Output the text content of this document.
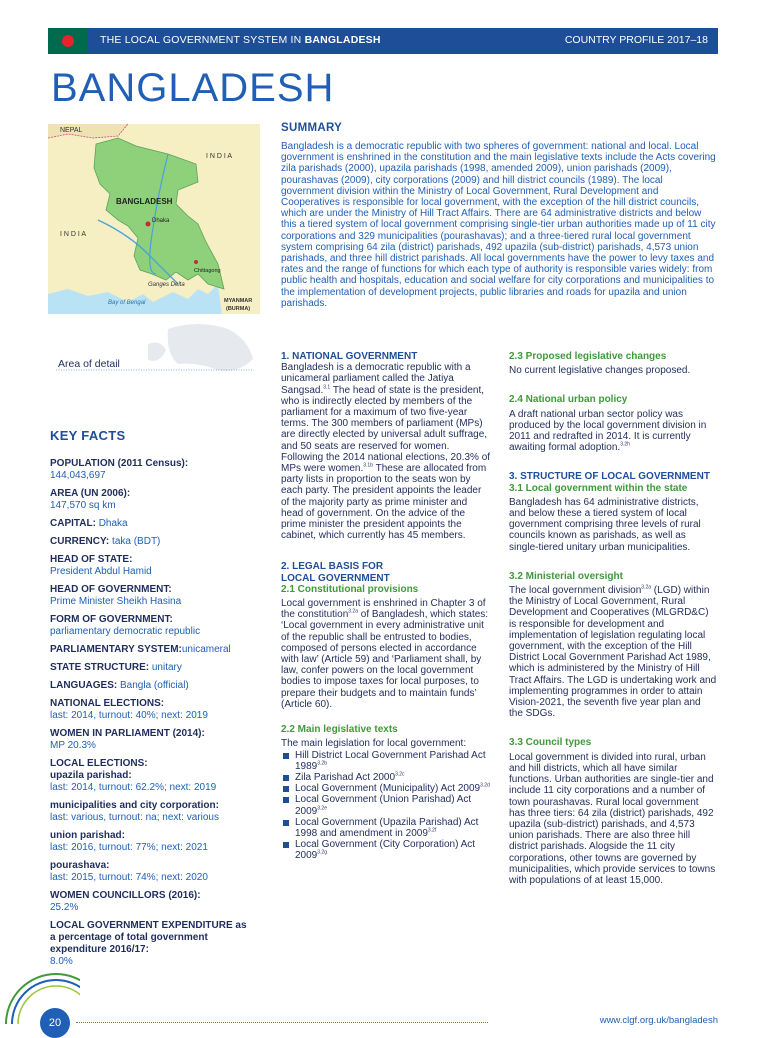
THE LOCAL GOVERNMENT SYSTEM IN BANGLADESH	COUNTRY PROFILE 2017–18
BANGLADESH
NEPAL
I N D I A
BANGLADESH
I N D I A
Dhaka
Chittagong
Ganges Delta
Bay of Bengal	MYANMAR
(BURMA)
Area of detail
KEY FACTS
POPULATION (2011 Census):
144,043,697
AREA (UN 2006):
147,570 sq km
CAPITAL: Dhaka
CURRENCY: taka (BDT)
HEAD OF STATE:
President Abdul Hamid
HEAD OF GOVERNMENT:
Prime Minister Sheikh Hasina
FORM OF GOVERNMENT:
parliamentary democratic republic
PARLIAMENTARY SYSTEM:unicameral
STATE STRUCTURE: unitary
LANGUAGES: Bangla (official)
NATIONAL ELECTIONS:
last: 2014, turnout: 40%; next: 2019
WOMEN IN PARLIAMENT (2014):
MP 20.3%
LOCAL ELECTIONS:
upazila parishad:
last: 2014, turnout: 62.2%; next: 2019
municipalities and city corporation:
last: various, turnout: na; next: various
union parishad:
last: 2016, turnout: 77%; next: 2021
pourashava:
last: 2015, turnout: 74%; next: 2020
WOMEN COUNCILLORS (2016):
25.2%
LOCAL GOVERNMENT EXPENDITURE as a percentage of total government expenditure 2016/17:
8.0%
SUMMARY
Bangladesh is a democratic republic with two spheres of government: national and local. Local government is enshrined in the constitution and the main legislative texts include the Acts covering zila parishads (2000), upazila parishads (1998, amended 2009), union parishads (2009), pourashavas (2009), city corporations (2009) and hill district councils (1989). The local government division within the Ministry of Local Government, Rural Development and Cooperatives is responsible for local government, with the exception of the hill district councils, which are under the Ministry of Hill Tract Affairs. There are 64 administrative districts and below this a tiered system of local government comprising single-tier urban authorities made up of 11 city corporations and 329 municipalities (pourashavas); and a three-tiered rural local government system comprising 64 zila (district) parishads, 492 upazila (sub-district) parishads, 4,573 union parishads, and three hill district parishads. All local governments have the power to levy taxes and rates and the range of functions for which each type of authority is responsible varies widely: from public health and hospitals, education and social welfare for city corporations and municipalities to the implementation of development projects, public libraries and roads for upazila and union parishads.
1. NATIONAL GOVERNMENT
Bangladesh is a democratic republic with a unicameral parliament called the Jatiya Sangsad.$^{3.1}$ The head of state is the president, who is indirectly elected by members of the parliament for a maximum of two five-year terms. The 300 members of parliament (MPs) are directly elected by universal adult suffrage, and 50 seats are reserved for women. Following the 2014 national elections, 20.3% of MPs were women.$^{3.1b}$ These are allocated from party lists in proportion to the seats won by each party. The president appoints the leader of the majority party as prime minister and head of government. On the advice of the prime minister the president appoints the cabinet, which currently has 45 members.
2. LEGAL BASIS FOR
LOCAL GOVERNMENT
2.1 Constitutional provisions
Local government is enshrined in Chapter 3 of the constitution$^{3.2a}$ of Bangladesh, which states: ‘Local government in every administrative unit of the republic shall be entrusted to bodies, composed of persons elected in accordance with law’ (Article 59) and ‘Parliament shall, by law, confer powers on the local government bodies to impose taxes for local purposes, to prepare their budgets and to maintain funds’ (Article 60).
2.2 Main legislative texts
The main legislation for local government:
Hill District Local Government Parishad Act $1989^{3.2b}$
Zila Parishad Act $2000^{3.2c}$
Local Government (Municipality) Act $2009^{3.2d}$
Local Government (Union Parishad) Act $2009^{3.2e}$
Local Government (Upazila Parishad) Act 1998 and amendment in $2009^{3.2f}$
Local Government (City Corporation) Act $2009^{3.2g}$
2.3 Proposed legislative changes
No current legislative changes proposed.
2.4 National urban policy
A draft national urban sector policy was produced by the local government division in 2011 and redrafted in 2014. It is currently awaiting formal adoption.$^{3.2h}$
3. STRUCTURE OF LOCAL GOVERNMENT
3.1 Local government within the state
Bangladesh has 64 administrative districts, and below these a tiered system of local government comprising three levels of rural councils known as parishads, as well as single-tiered unitary urban municipalities.
3.2 Ministerial oversight
The local government division$^{3.2a}$ (LGD) within the Ministry of Local Government, Rural Development and Cooperatives (MLGRD&C) is responsible for development and implementation of legislation regulating local government, with the exception of the Hill District Local Government Parishad Act 1989, which is administered by the Ministry of Hill Tract Affairs. The LGD is undertaking work and implementing programmes in order to attain Vision-2021, the seventh five year plan and the SDGs.
3.3 Council types
Local government is divided into rural, urban and hill districts, which all have similar functions. Urban authorities are single-tier and include 11 city corporations and a number of town pourashavas. Rural local government has three tiers: 64 zila (district) parishads, 492 upazila (sub-district) parishads, and 4,573 union parishads. There are also three hill district parishads. Alogside the 11 city corporations, other towns are governed by municipalities, which provide services to towns with populations of at least 15,000.
20	www.clgf.org.uk/bangladesh
